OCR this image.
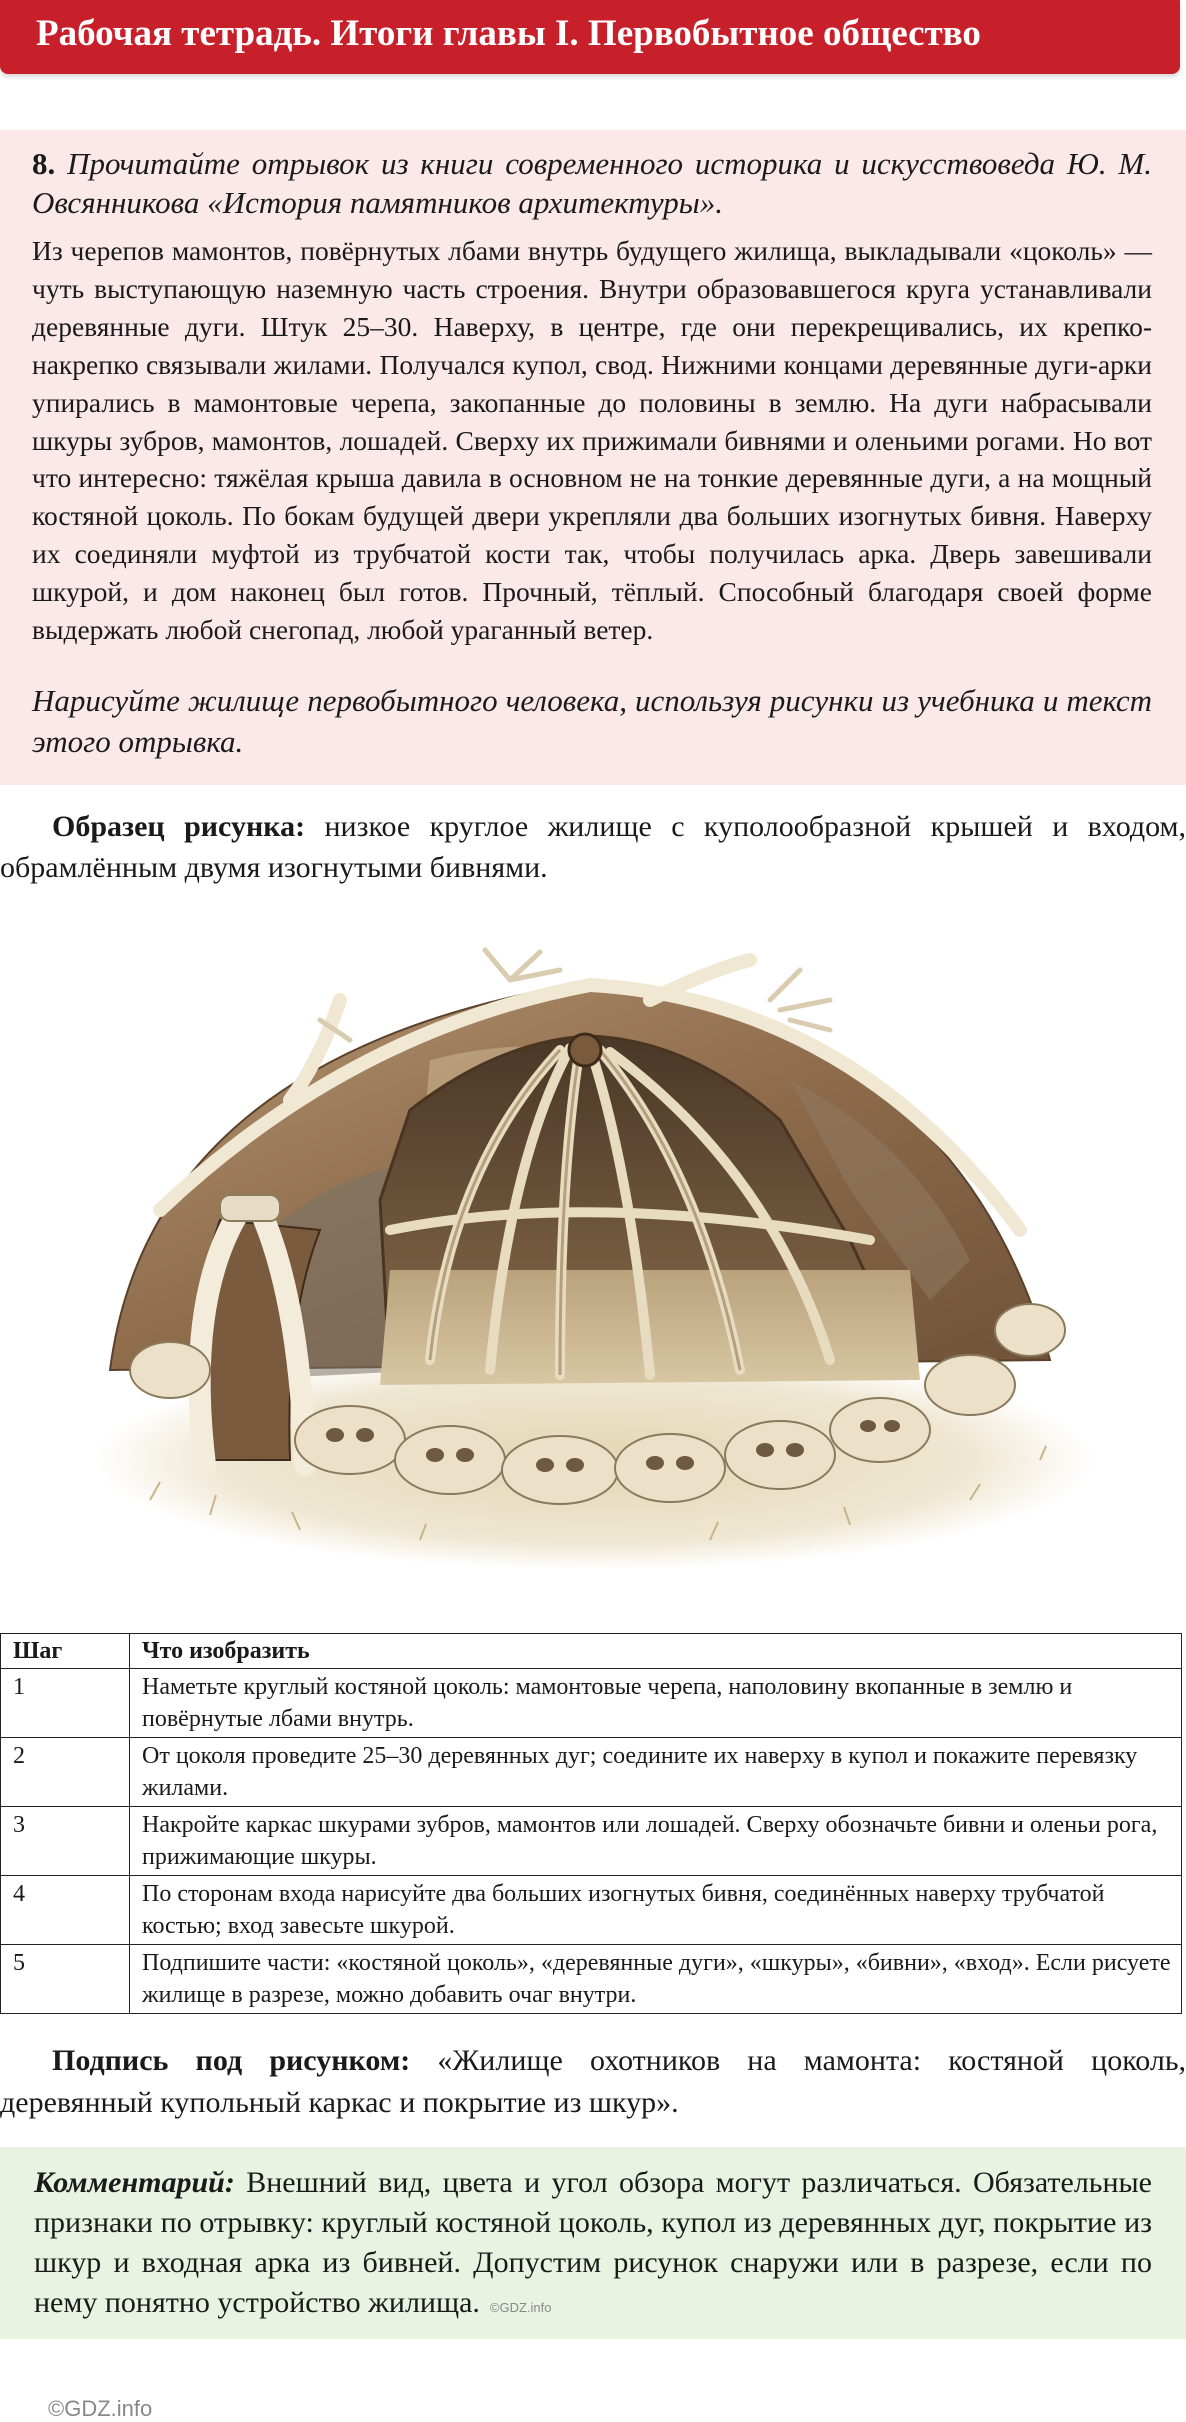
Рабочая тетрадь. Итоги главы I. Первобытное общество
8. Прочитайте отрывок из книги современного историка и искусствоведа Ю. М. Овсянникова «История памятников архитектуры».
Из черепов мамонтов, повёрнутых лбами внутрь будущего жилища, выкладывали «цоколь» — чуть выступающую наземную часть строения. Внутри образовавшегося круга устанавливали деревянные дуги. Штук 25–30. Наверху, в центре, где они перекрещивались, их крепко-накрепко связывали жилами. Получался купол, свод. Нижними концами деревянные дуги-арки упирались в мамонтовые черепа, закопанные до половины в землю. На дуги набрасывали шкуры зубров, мамонтов, лошадей. Сверху их прижимали бивнями и оленьими рогами. Но вот что интересно: тяжёлая крыша давила в основном не на тонкие деревянные дуги, а на мощный костяной цоколь. По бокам будущей двери укрепляли два больших изогнутых бивня. Наверху их соединяли муфтой из трубчатой кости так, чтобы получилась арка. Дверь завешивали шкурой, и дом наконец был готов. Прочный, тёплый. Способный благодаря своей форме выдержать любой снегопад, любой ураганный ветер.
Нарисуйте жилище первобытного человека, используя рисунки из учебника и текст этого отрывка.
Образец рисунка: низкое круглое жилище с куполообразной крышей и входом, обрамлённым двумя изогнутыми бивнями.
Шаг	Что изобразить
1	Наметьте круглый костяной цоколь: мамонтовые черепа, наполовину вкопанные в землю и повёрнутые лбами внутрь.
2	От цоколя проведите 25–30 деревянных дуг; соедините их наверху в купол и покажите перевязку жилами.
3	Накройте каркас шкурами зубров, мамонтов или лошадей. Сверху обозначьте бивни и оленьи рога, прижимающие шкуры.
4	По сторонам входа нарисуйте два больших изогнутых бивня, соединённых наверху трубчатой костью; вход завесьте шкурой.
5	Подпишите части: «костяной цоколь», «деревянные дуги», «шкуры», «бивни», «вход». Если рисуете жилище в разрезе, можно добавить очаг внутри.
Подпись под рисунком: «Жилище охотников на мамонта: костяной цоколь, деревянный купольный каркас и покрытие из шкур».
Комментарий: Внешний вид, цвета и угол обзора могут различаться. Обязательные признаки по отрывку: круглый костяной цоколь, купол из деревянных дуг, покрытие из шкур и входная арка из бивней. Допустим рисунок снаружи или в разрезе, если по нему понятно устройство жилища. ©GDZ.info
©GDZ.info
